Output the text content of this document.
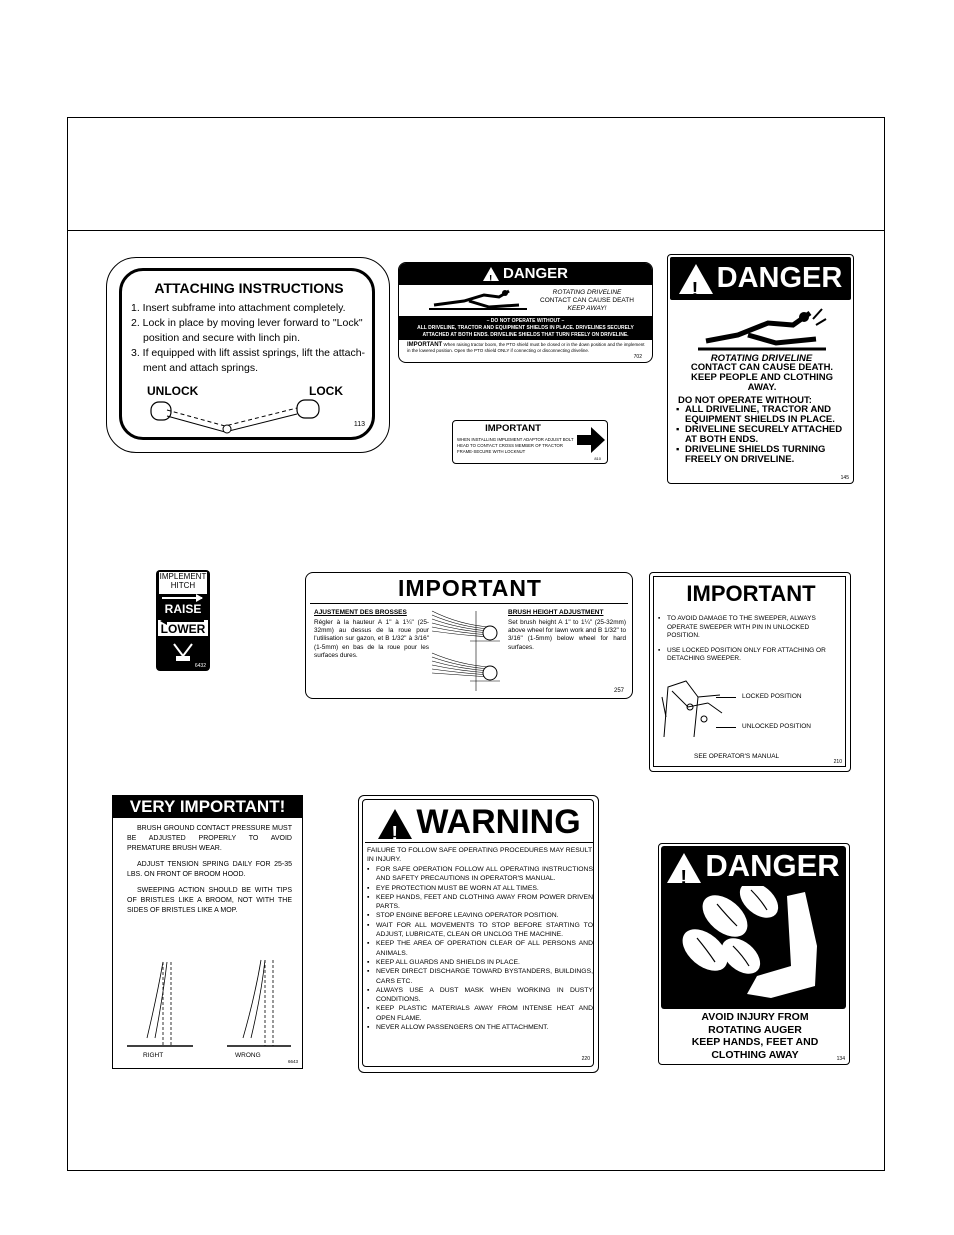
ATTACHING INSTRUCTIONS
1. Insert subframe into attachment completely.
2. Lock in place by moving lever forward to "Lock" position and secure with linch pin.
3. If equipped with lift assist springs, lift the attach- ment and attach springs.
UNLOCK	LOCK
113
!DANGER
ROTATING DRIVELINE
CONTACT CAN CAUSE DEATH
KEEP AWAY!
– DO NOT OPERATE WITHOUT –
ALL DRIVELINE, TRACTOR AND EQUIPMENT SHIELDS IN PLACE. DRIVELINES SECURELY
ATTACHED AT BOTH ENDS. DRIVELINE SHIELDS THAT TURN FREELY ON DRIVELINE.
IMPORTANT When raising tractor boom, the PTO shield must be closed or in the down position and the implement in the lowered position. Open the PTO shield ONLY if connecting or disconnecting driveline.
702
IMPORTANT
WHEN INSTALLING IMPLEMENT ADAPTOR ADJUST BOLT HEAD TO CONTACT CROSS MEMBER OF TRACTOR FRAME-SECURE WITH LOCKNUT
810
!DANGER
ROTATING DRIVELINE
CONTACT CAN CAUSE DEATH. KEEP PEOPLE AND CLOTHING AWAY.
DO NOT OPERATE WITHOUT:
▪ ALL DRIVELINE, TRACTOR AND EQUIPMENT SHIELDS IN PLACE.
▪ DRIVELINE SECURELY ATTACHED AT BOTH ENDS.
▪ DRIVELINE SHIELDS TURNING FREELY ON DRIVELINE.
145
IMPLEMENT
HITCH
RAISE
LOWER
6432
IMPORTANT
AJUSTEMENT DES BROSSES
Régler à la hauteur A 1" à 1¼" (25-32mm) au dessus de la roue pour l'utilisation sur gazon, et B 1/32" à 3/16" (1-5mm) en bas de la roue pour les surfaces dures.
BRUSH HEIGHT ADJUSTMENT
Set brush height A 1" to 1¼" (25-32mm) above wheel for lawn work and B 1/32" to 3/16" (1-5mm) below wheel for hard surfaces.
257
IMPORTANT
▪ TO AVOID DAMAGE TO THE SWEEPER, ALWAYS OPERATE SWEEPER WITH PIN IN UNLOCKED POSITION.
▪ USE LOCKED POSITION ONLY FOR ATTACHING OR DETACHING SWEEPER.
LOCKED POSITION
UNLOCKED POSITION
SEE OPERATOR'S MANUAL
210
VERY IMPORTANT!
BRUSH GROUND CONTACT PRESSURE MUST BE ADJUSTED PROPERLY TO AVOID PREMATURE BRUSH WEAR.
ADJUST TENSION SPRING DAILY FOR 25-35 LBS. ON FRONT OF BROOM HOOD.
SWEEPING ACTION SHOULD BE WITH TIPS OF BRISTLES LIKE A BROOM, NOT WITH THE SIDES OF BRISTLES LIKE A MOP.
RIGHT	WRONG
6643
!WARNING
FAILURE TO FOLLOW SAFE OPERATING PROCEDURES MAY RESULT IN INJURY.
▪ FOR SAFE OPERATION FOLLOW ALL OPERATING INSTRUCTIONS AND SAFETY PRECAUTIONS IN OPERATOR'S MANUAL.
▪ EYE PROTECTION MUST BE WORN AT ALL TIMES.
▪ KEEP HANDS, FEET AND CLOTHING AWAY FROM POWER DRIVEN PARTS.
▪ STOP ENGINE BEFORE LEAVING OPERATOR POSITION.
▪ WAIT FOR ALL MOVEMENTS TO STOP BEFORE STARTING TO ADJUST, LUBRICATE, CLEAN OR UNCLOG THE MACHINE.
▪ KEEP THE AREA OF OPERATION CLEAR OF ALL PERSONS AND ANIMALS.
▪ KEEP ALL GUARDS AND SHIELDS IN PLACE.
▪ NEVER DIRECT DISCHARGE TOWARD BYSTANDERS, BUILDINGS, CARS ETC.
▪ ALWAYS USE A DUST MASK WHEN WORKING IN DUSTY CONDITIONS.
▪ KEEP PLASTIC MATERIALS AWAY FROM INTENSE HEAT AND OPEN FLAME.
▪ NEVER ALLOW PASSENGERS ON THE ATTACHMENT.
220
!DANGER
AVOID INJURY FROM
ROTATING AUGER
KEEP HANDS, FEET AND
CLOTHING AWAY	134
